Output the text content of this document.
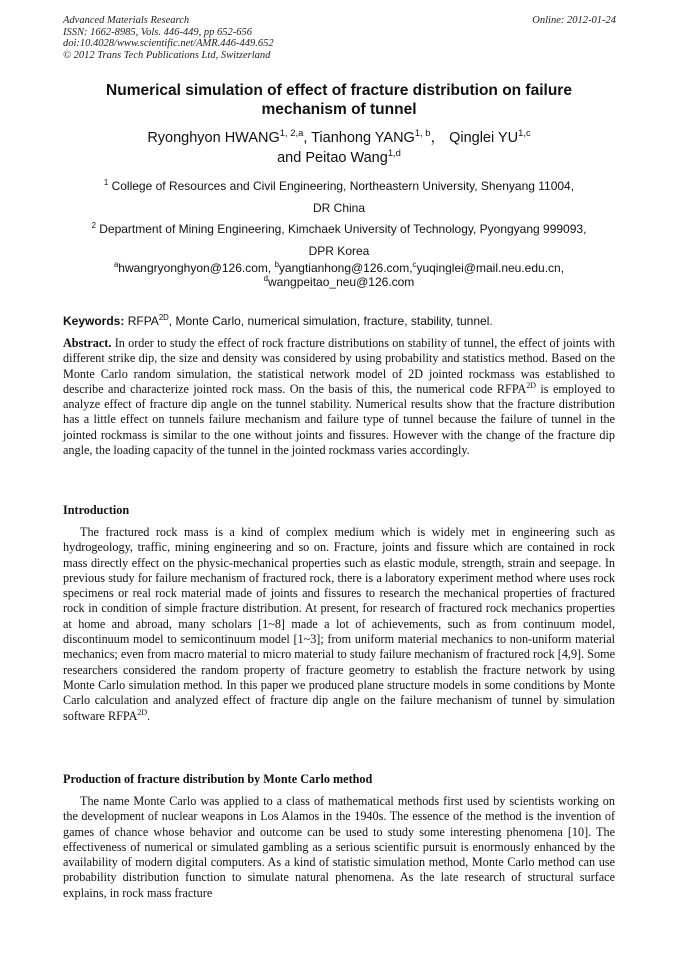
Advanced Materials Research
ISSN: 1662-8985, Vols. 446-449, pp 652-656
doi:10.4028/www.scientific.net/AMR.446-449.652
© 2012 Trans Tech Publications Ltd, Switzerland
Online: 2012-01-24
Numerical simulation of effect of fracture distribution on failure
mechanism of tunnel
Ryonghyon HWANG$^{1, 2,a}$, Tianhong YANG$^{1, b}$， Qinglei YU$^{1,c}$
and Peitao Wang$^{1,d}$
$^1$ College of Resources and Civil Engineering, Northeastern University, Shenyang 11004,
DR China
$^2$ Department of Mining Engineering, Kimchaek University of Technology, Pyongyang 999093,
DPR Korea
$^a$hwangryonghyon@126.com, $^b$yangtianhong@126.com,$^c$yuqinglei@mail.neu.edu.cn,
$^d$wangpeitao_neu@126.com
Keywords: $RFPA^{2D}$, Monte Carlo, numerical simulation, fracture, stability, tunnel.
Abstract. In order to study the effect of rock fracture distributions on stability of tunnel, the effect of joints with different strike dip, the size and density was considered by using probability and statistics method. Based on the Monte Carlo random simulation, the statistical network model of 2D jointed rockmass was established to describe and characterize jointed rock mass. On the basis of this, the numerical code $RFPA^{2D}$ is employed to analyze effect of fracture dip angle on the tunnel stability. Numerical results show that the fracture distribution has a little effect on tunnels failure mechanism and failure type of tunnel because the failure of tunnel in the jointed rockmass is similar to the one without joints and fissures. However with the change of the fracture dip angle, the loading capacity of the tunnel in the jointed rockmass varies accordingly.
Introduction
The fractured rock mass is a kind of complex medium which is widely met in engineering such as hydrogeology, traffic, mining engineering and so on. Fracture, joints and fissure which are contained in rock mass directly effect on the physic-mechanical properties such as elastic module, strength, strain and seepage. In previous study for failure mechanism of fractured rock, there is a laboratory experiment method where uses rock specimens or real rock material made of joints and fissures to research the mechanical properties of fractured rock in condition of simple fracture distribution. At present, for research of fractured rock mechanics properties at home and abroad, many scholars [1~8] made a lot of achievements, such as from continuum model, discontinuum model to semicontinuum model [1~3]; from uniform material mechanics to non-uniform material mechanics; even from macro material to micro material to study failure mechanism of fractured rock [4,9]. Some researchers considered the random property of fracture geometry to establish the fracture network by using Monte Carlo simulation method. In this paper we produced plane structure models in some conditions by Monte Carlo calculation and analyzed effect of fracture dip angle on the failure mechanism of tunnel by simulation software $RFPA^{2D}$.
Production of fracture distribution by Monte Carlo method
The name Monte Carlo was applied to a class of mathematical methods first used by scientists working on the development of nuclear weapons in Los Alamos in the 1940s. The essence of the method is the invention of games of chance whose behavior and outcome can be used to study some interesting phenomena [10]. The effectiveness of numerical or simulated gambling as a serious scientific pursuit is enormously enhanced by the availability of modern digital computers. As a kind of statistic simulation method, Monte Carlo method can use probability distribution function to simulate natural phenomena. As the late research of structural surface explains, in rock mass fracture
